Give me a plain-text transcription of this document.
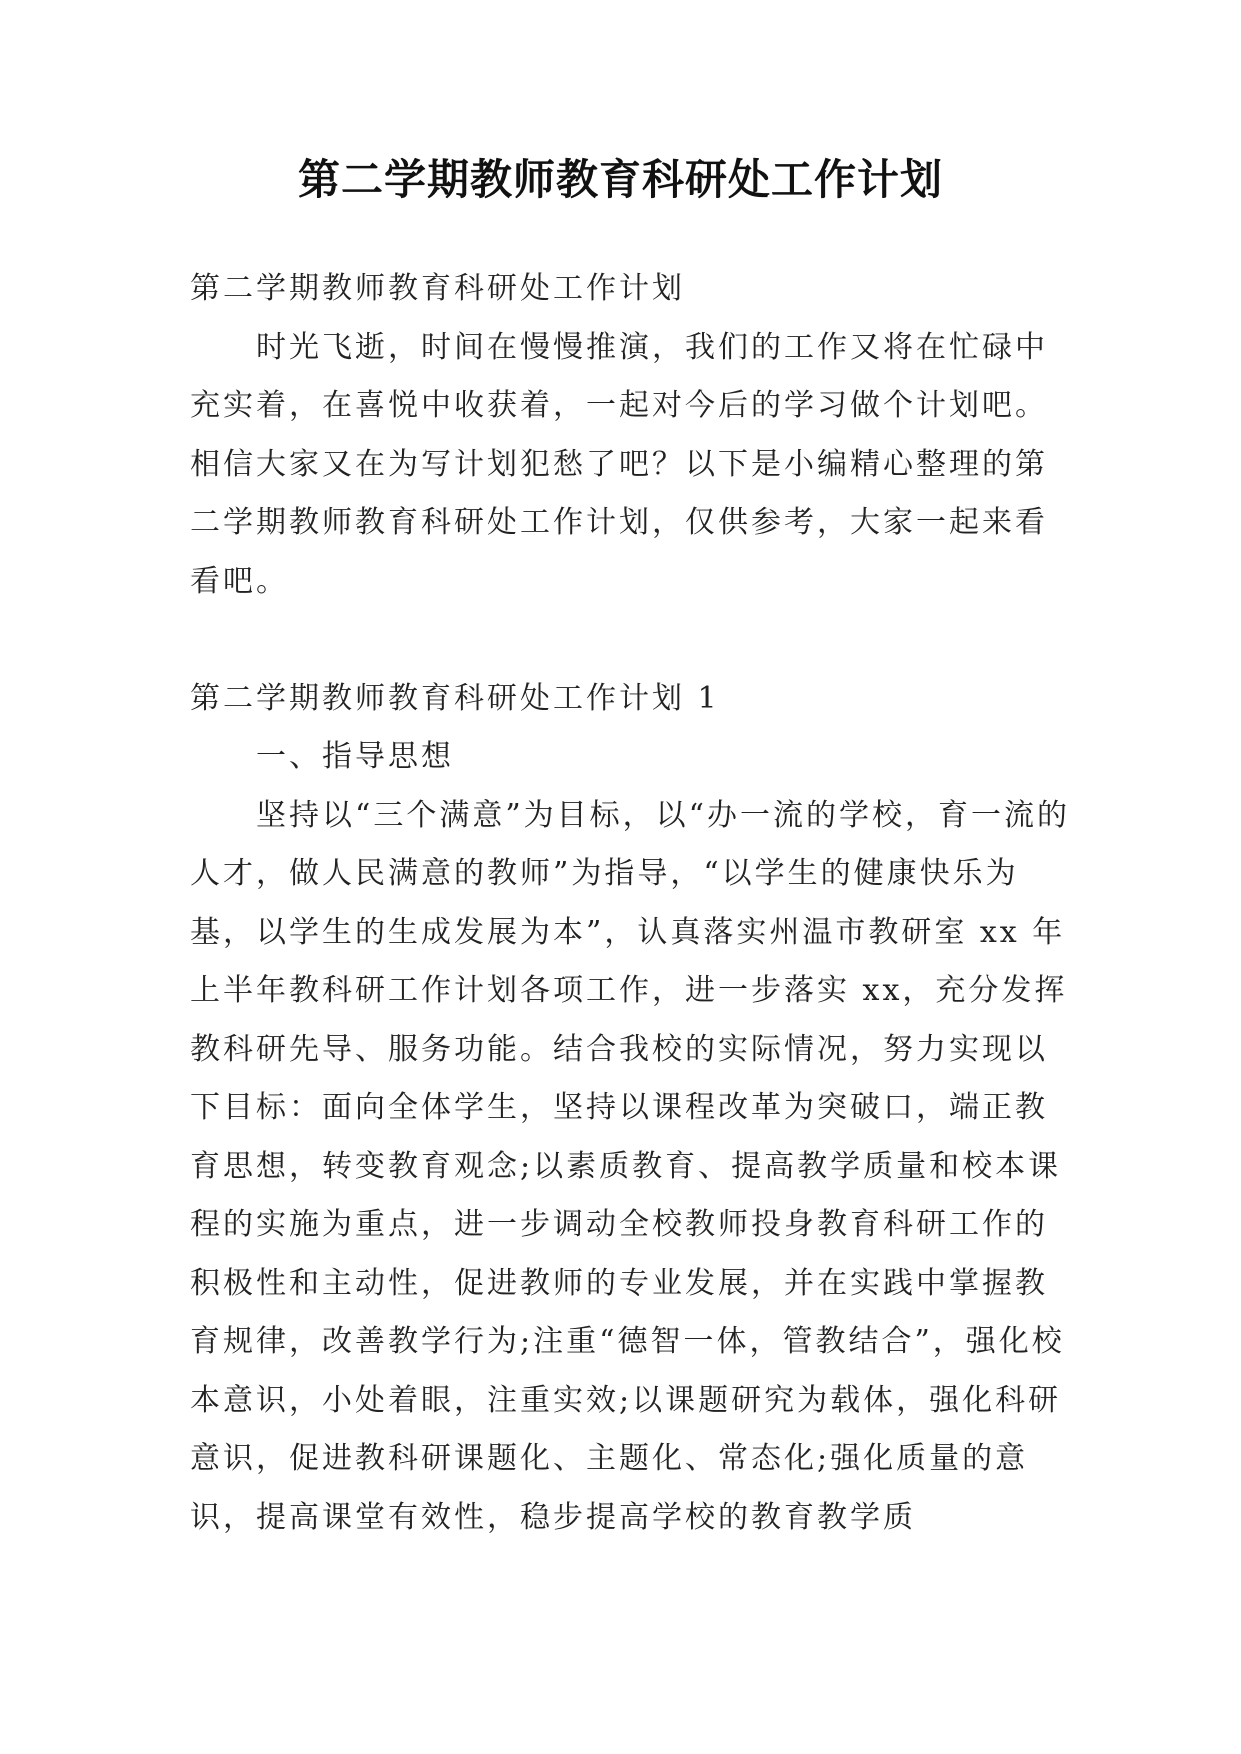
第二学期教师教育科研处工作计划

第二学期教师教育科研处工作计划

时光飞逝，时间在慢慢推演，我们的工作又将在忙碌中充实着，在喜悦中收获着，一起对今后的学习做个计划吧。相信大家又在为写计划犯愁了吧？以下是小编精心整理的第二学期教师教育科研处工作计划，仅供参考，大家一起来看看吧。

第二学期教师教育科研处工作计划 1

一、指导思想

坚持以“三个满意”为目标，以“办一流的学校，育一流的人才，做人民满意的教师”为指导，“以学生的健康快乐为基，以学生的生成发展为本”，认真落实州温市教研室 xx 年上半年教科研工作计划各项工作，进一步落实 xx，充分发挥教科研先导、服务功能。结合我校的实际情况，努力实现以下目标：面向全体学生，坚持以课程改革为突破口，端正教育思想，转变教育观念;以素质教育、提高教学质量和校本课程的实施为重点，进一步调动全校教师投身教育科研工作的积极性和主动性，促进教师的专业发展，并在实践中掌握教育规律，改善教学行为;注重“德智一体，管教结合”，强化校本意识，小处着眼，注重实效;以课题研究为载体，强化科研意识，促进教科研课题化、主题化、常态化;强化质量的意识，提高课堂有效性，稳步提高学校的教育教学质
